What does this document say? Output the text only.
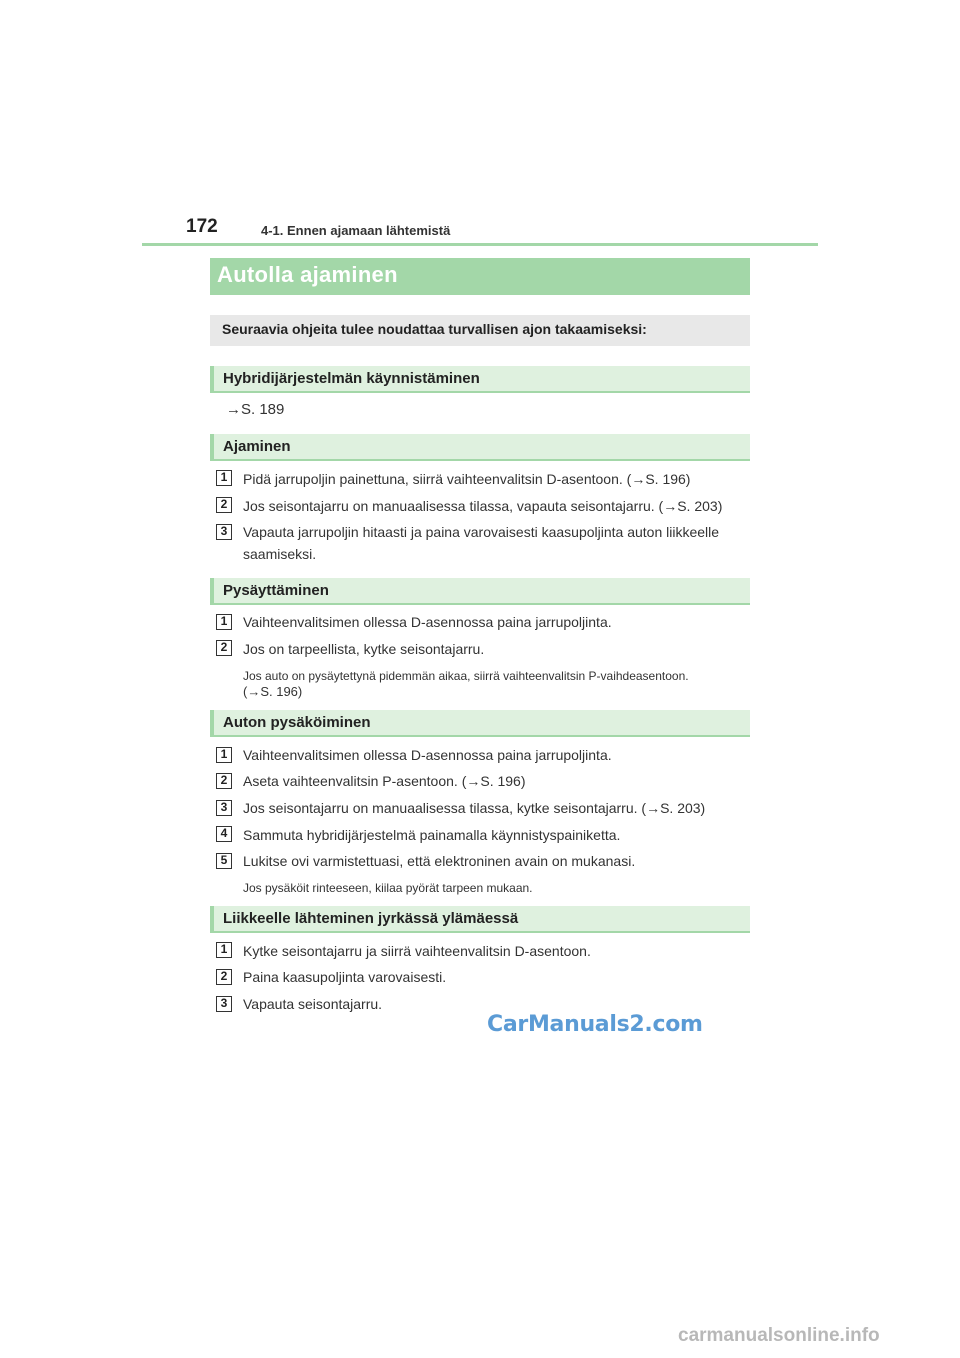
172	4-1. Ennen ajamaan lähtemistä
Autolla ajaminen
Seuraavia ohjeita tulee noudattaa turvallisen ajon takaamiseksi:
Hybridijärjestelmän käynnistäminen
→S. 189
Ajaminen
1	Pidä jarrupoljin painettuna, siirrä vaihteenvalitsin D-asentoon. (→S. 196)
2	Jos seisontajarru on manuaalisessa tilassa, vapauta seisontajarru. (→S. 203)
3	Vapauta jarrupoljin hitaasti ja paina varovaisesti kaasupoljinta auton liikkeelle
saamiseksi.
Pysäyttäminen
1	Vaihteenvalitsimen ollessa D-asennossa paina jarrupoljinta.
2	Jos on tarpeellista, kytke seisontajarru.
Jos auto on pysäytettynä pidemmän aikaa, siirrä vaihteenvalitsin P-vaihdeasentoon.
(→S. 196)
Auton pysäköiminen
1	Vaihteenvalitsimen ollessa D-asennossa paina jarrupoljinta.
2	Aseta vaihteenvalitsin P-asentoon. (→S. 196)
3	Jos seisontajarru on manuaalisessa tilassa, kytke seisontajarru. (→S. 203)
4	Sammuta hybridijärjestelmä painamalla käynnistyspainiketta.
5	Lukitse ovi varmistettuasi, että elektroninen avain on mukanasi.
Jos pysäköit rinteeseen, kiilaa pyörät tarpeen mukaan.
Liikkeelle lähteminen jyrkässä ylämäessä
1	Kytke seisontajarru ja siirrä vaihteenvalitsin D-asentoon.
2	Paina kaasupoljinta varovaisesti.
3	Vapauta seisontajarru.
CarManuals2.com
carmanualsonline.info
